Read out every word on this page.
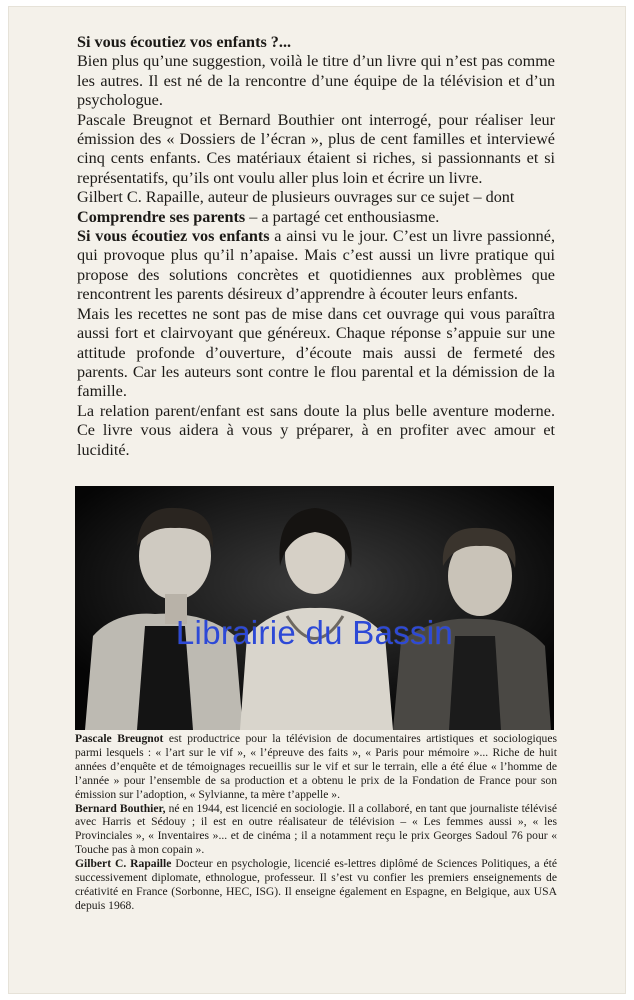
Si vous écoutiez vos enfants ?...

Bien plus qu’une suggestion, voilà le titre d’un livre qui n’est pas comme les autres. Il est né de la rencontre d’une équipe de la télévision et d’un psychologue.

Pascale Breugnot et Bernard Bouthier ont interrogé, pour réaliser leur émission des « Dossiers de l’écran », plus de cent familles et interviewé cinq cents enfants. Ces matériaux étaient si riches, si passionnants et si représentatifs, qu’ils ont voulu aller plus loin et écrire un livre.

Gilbert C. Rapaille, auteur de plusieurs ouvrages sur ce sujet – dont
Comprendre ses parents – a partagé cet enthousiasme.

Si vous écoutiez vos enfants a ainsi vu le jour. C’est un livre passionné, qui provoque plus qu’il n’apaise. Mais c’est aussi un livre pratique qui propose des solutions concrètes et quotidiennes aux problèmes que rencontrent les parents désireux d’apprendre à écouter leurs enfants.

Mais les recettes ne sont pas de mise dans cet ouvrage qui vous paraîtra aussi fort et clairvoyant que généreux. Chaque réponse s’appuie sur une attitude profonde d’ouverture, d’écoute mais aussi de fermeté des parents. Car les auteurs sont contre le flou parental et la démission de la famille.

La relation parent/enfant est sans doute la plus belle aventure moderne. Ce livre vous aidera à vous y préparer, à en profiter avec amour et lucidité.

Librairie du Bassin

Pascale Breugnot est productrice pour la télévision de documentaires artistiques et sociologiques parmi lesquels : « l’art sur le vif », « l’épreuve des faits », « Paris pour mémoire »... Riche de huit années d’enquête et de témoignages recueillis sur le vif et sur le terrain, elle a été élue « l’homme de l’année » pour l’ensemble de sa production et a obtenu le prix de la Fondation de France pour son émission sur l’adoption, « Sylvianne, ta mère t’appelle ».

Bernard Bouthier, né en 1944, est licencié en sociologie. Il a collaboré, en tant que journaliste télévisé avec Harris et Sédouy ; il est en outre réalisateur de télévision – « Les femmes aussi », « les Provinciales », « Inventaires »... et de cinéma ; il a notamment reçu le prix Georges Sadoul 76 pour « Touche pas à mon copain ».

Gilbert C. Rapaille Docteur en psychologie, licencié es-lettres diplômé de Sciences Politiques, a été successivement diplomate, ethnologue, professeur. Il s’est vu confier les premiers enseignements de créativité en France (Sorbonne, HEC, ISG). Il enseigne également en Espagne, en Belgique, aux USA depuis 1968.
